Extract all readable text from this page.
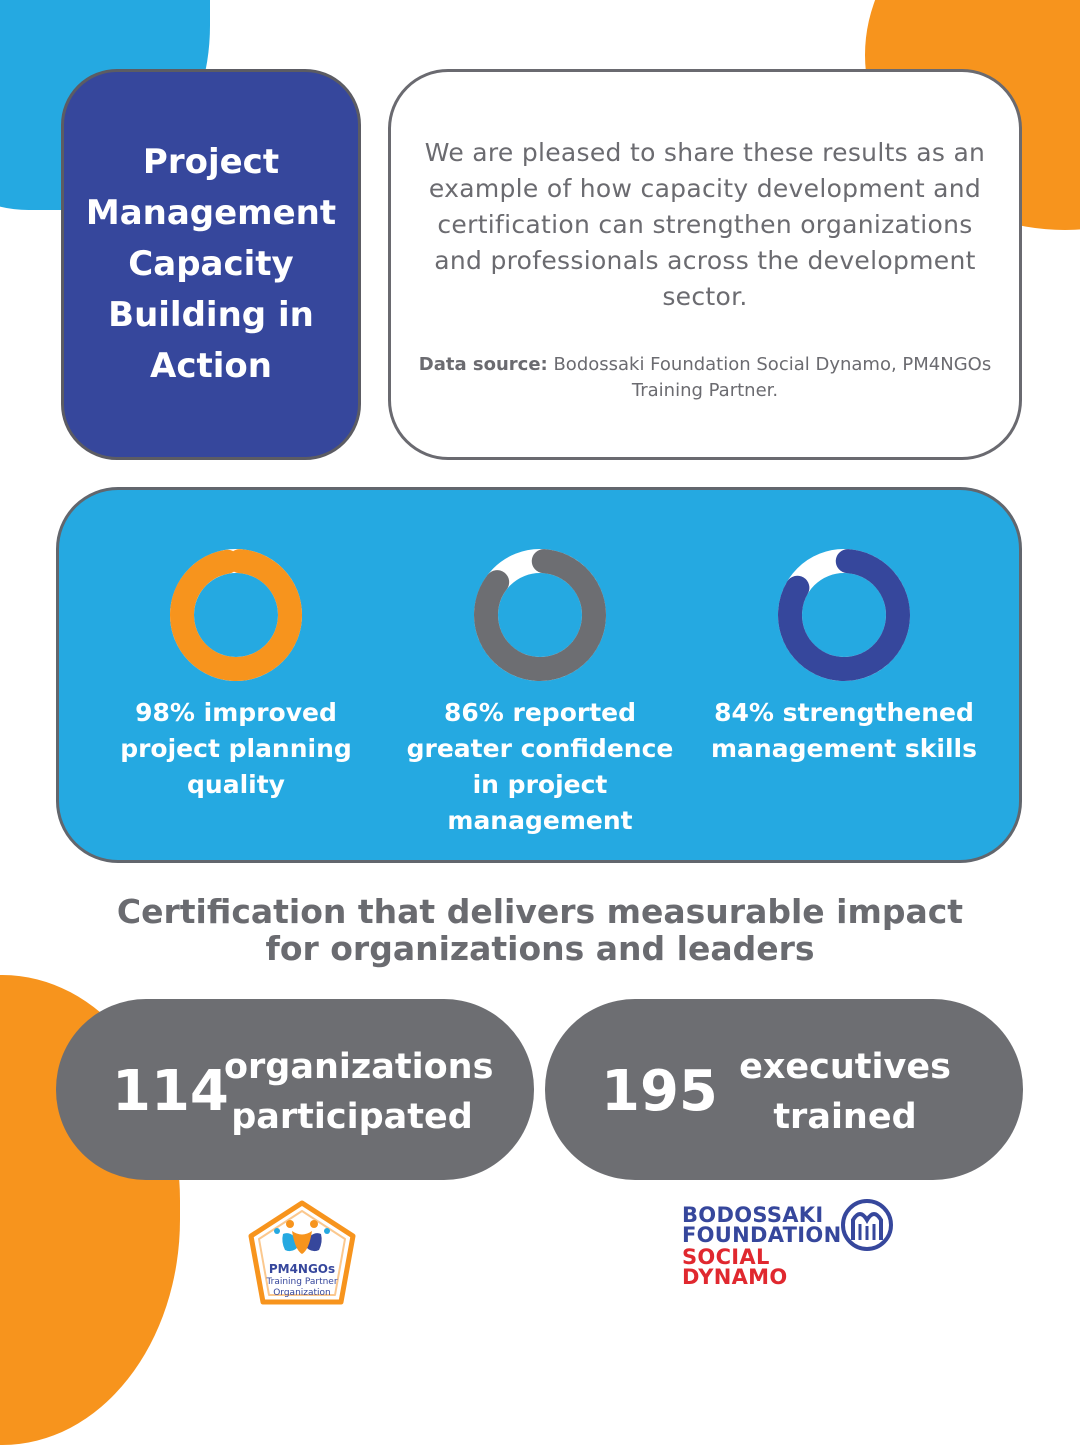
Project Management Capacity Building in Action

We are pleased to share these results as an example of how capacity development and certification can strengthen organizations and professionals across the development sector.

Data source: Bodossaki Foundation Social Dynamo, PM4NGOs Training Partner.

98% improved project planning quality
86% reported greater confidence in project management
84% strengthened management skills
Certification that delivers measurable impact
for organizations and leaders
114
organizations
participated 195 executives
trained
PM4NGOs
Training Partner
Organization
BODOSSAKI
FOUNDATION
SOCIAL
DYNAMO
